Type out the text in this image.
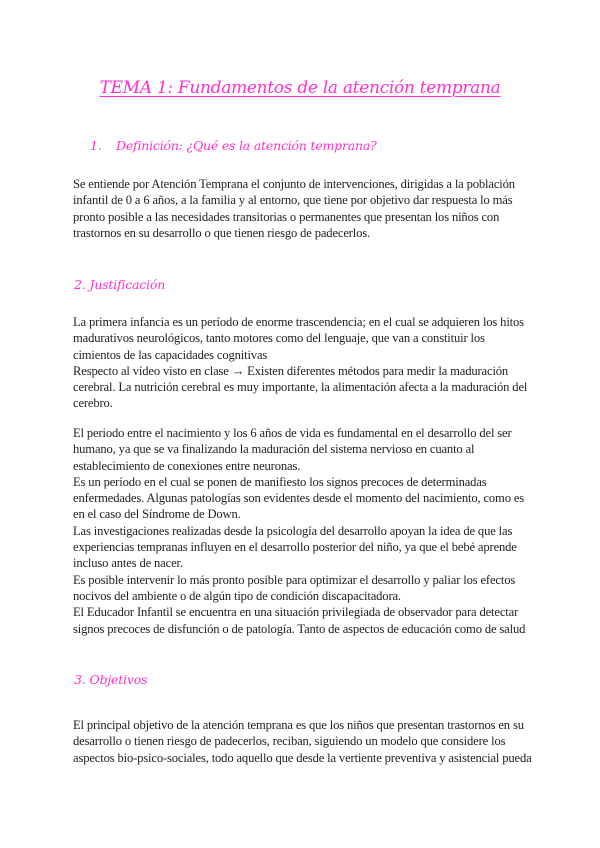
TEMA 1: Fundamentos de la atención temprana
1. Definición: ¿Qué es la atención temprana?
Se entiende por Atención Temprana el conjunto de intervenciones, dirigidas a la población
infantil de 0 a 6 años, a la familia y al entorno, que tiene por objetivo dar respuesta lo más
pronto posible a las necesidades transitorias o permanentes que presentan los niños con
trastornos en su desarrollo o que tienen riesgo de padecerlos.
2. Justificación
La primera infancia es un período de enorme trascendencia; en el cual se adquieren los hitos
madurativos neurológicos, tanto motores como del lenguaje, que van a constituir los
cimientos de las capacidades cognitivas
Respecto al vídeo visto en clase → Existen diferentes métodos para medir la maduración
cerebral. La nutrición cerebral es muy importante, la alimentación afecta a la maduración del
cerebro.
El periodo entre el nacimiento y los 6 años de vida es fundamental en el desarrollo del ser
humano, ya que se va finalizando la maduración del sistema nervioso en cuanto al
establecimiento de conexiones entre neuronas.
Es un período en el cual se ponen de manifiesto los signos precoces de determinadas
enfermedades. Algunas patologías son evidentes desde el momento del nacimiento, como es
en el caso del Síndrome de Down.
Las investigaciones realizadas desde la psicología del desarrollo apoyan la idea de que las
experiencias tempranas influyen en el desarrollo posterior del niño, ya que el bebé aprende
incluso antes de nacer.
Es posible intervenir lo más pronto posible para optimizar el desarrollo y paliar los efectos
nocivos del ambiente o de algún tipo de condición discapacitadora.
El Educador Infantil se encuentra en una situación privilegiada de observador para detectar
signos precoces de disfunción o de patología. Tanto de aspectos de educación como de salud
3. Objetivos
El principal objetivo de la atención temprana es que los niños que presentan trastornos en su
desarrollo o tienen riesgo de padecerlos, reciban, siguiendo un modelo que considere los
aspectos bio-psico-sociales, todo aquello que desde la vertiente preventiva y asistencial pueda
